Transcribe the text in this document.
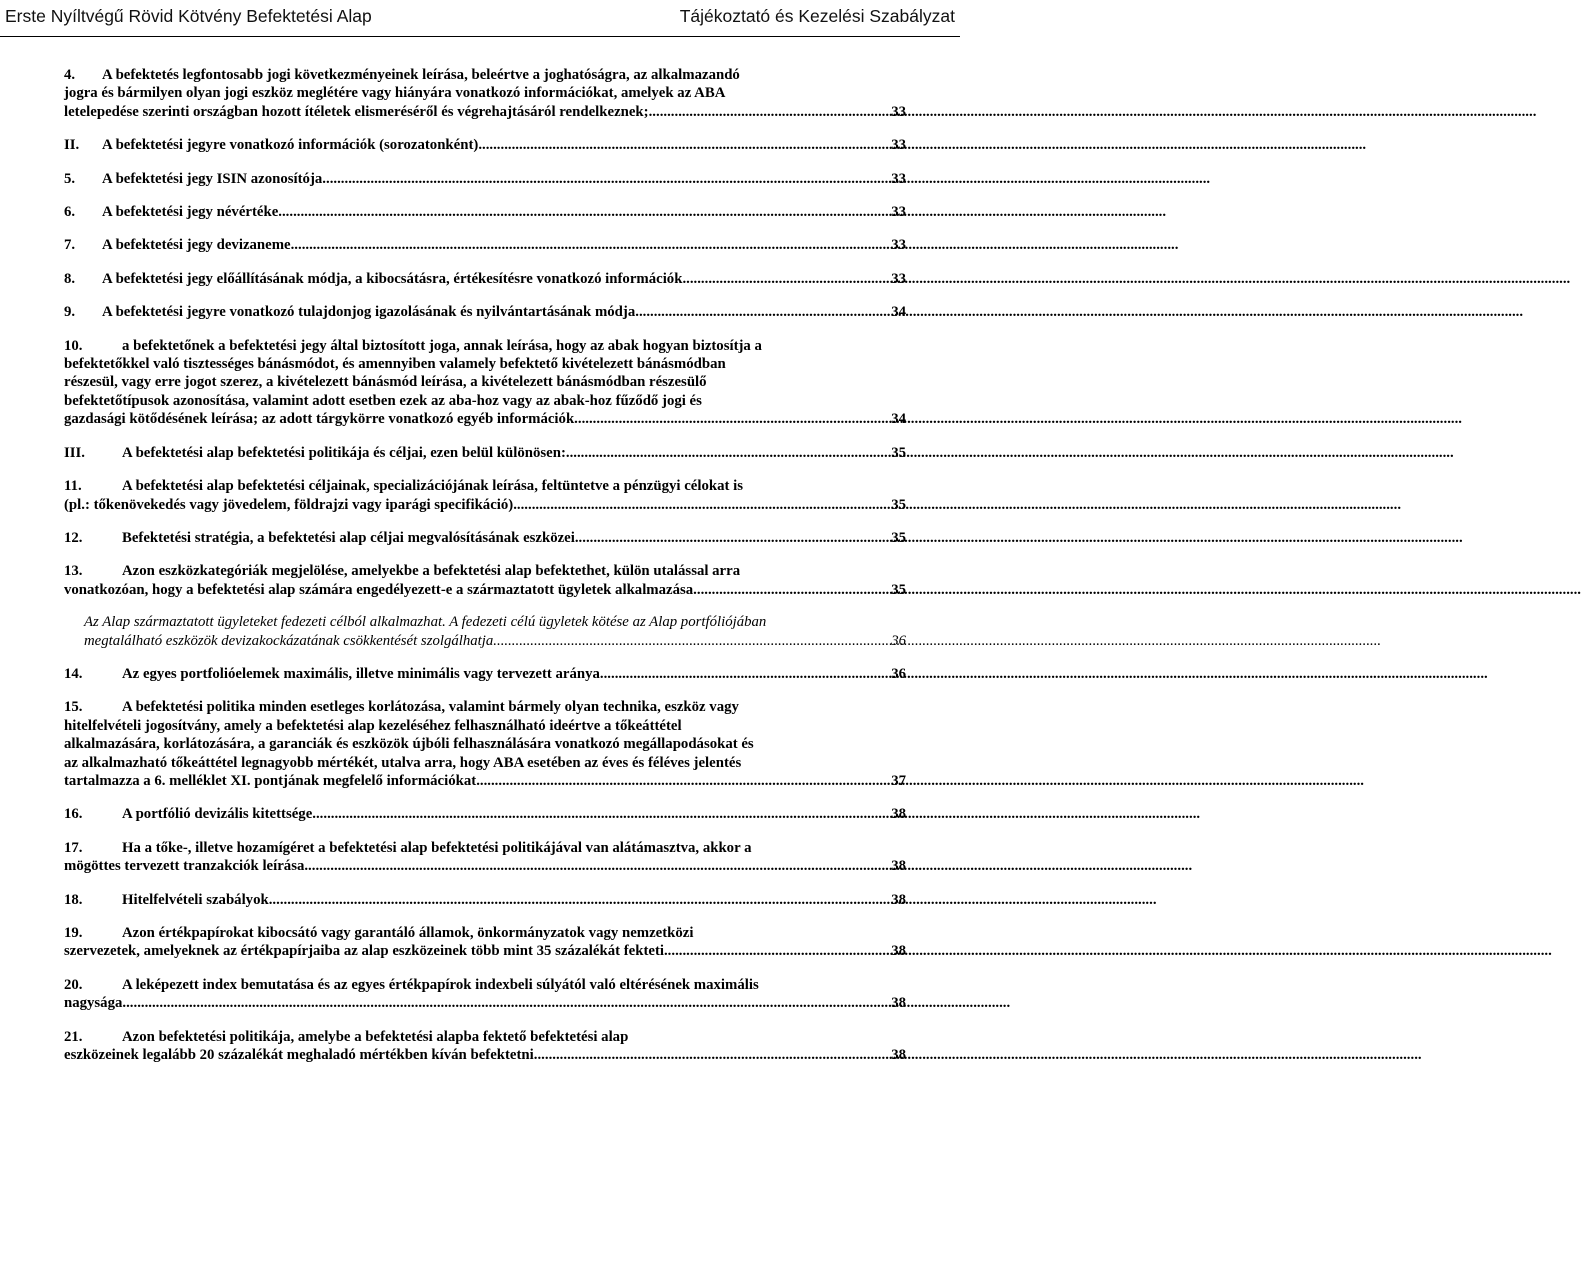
Erste Nyíltvégű Rövid Kötvény Befektetési Alap	Tájékoztató és Kezelési Szabályzat
4.	A befektetés legfontosabb jogi következményeinek leírása, beleértve a joghatóságra, az alkalmazandó
jogra és bármilyen olyan jogi eszköz meglétére vagy hiányára vonatkozó információkat, amelyek az ABA
letelepedése szerinti országban hozott ítéletek elismeréséről és végrehajtásáról rendelkeznek; .....	33
II.	A befektetési jegyre vonatkozó információk (sorozatonként) .....	33
5.	A befektetési jegy ISIN azonosítója .....	33
6.	A befektetési jegy névértéke .....	33
7.	A befektetési jegy devizaneme .....	33
8.	A befektetési jegy előállításának módja, a kibocsátásra, értékesítésre vonatkozó információk .....	33
9.	A befektetési jegyre vonatkozó tulajdonjog igazolásának és nyilvántartásának módja .....	34
10.	a befektetőnek a befektetési jegy által biztosított joga, annak leírása, hogy az abak hogyan biztosítja a
befektetőkkel való tisztességes bánásmódot, és amennyiben valamely befektető kivételezett bánásmódban
részesül, vagy erre jogot szerez, a kivételezett bánásmód leírása, a kivételezett bánásmódban részesülő
befektetőtípusok azonosítása, valamint adott esetben ezek az aba-hoz vagy az abak-hoz fűződő jogi és
gazdasági kötődésének leírása; az adott tárgykörre vonatkozó egyéb információk .....	34
III.	A befektetési alap befektetési politikája és céljai, ezen belül különösen: .....	35
11.	A befektetési alap befektetési céljainak, specializációjának leírása, feltüntetve a pénzügyi célokat is
(pl.: tőkenövekedés vagy jövedelem, földrajzi vagy iparági specifikáció) .....	35
12.	Befektetési stratégia, a befektetési alap céljai megvalósításának eszközei .....	35
13.	Azon eszközkategóriák megjelölése, amelyekbe a befektetési alap befektethet, külön utalással arra
vonatkozóan, hogy a befektetési alap számára engedélyezett-e a származtatott ügyletek alkalmazása .....	35
Az Alap származtatott ügyleteket fedezeti célból alkalmazhat. A fedezeti célú ügyletek kötése az Alap portfóliójában
megtalálható eszközök devizakockázatának csökkentését szolgálhatja .....	36
14.	Az egyes portfolióelemek maximális, illetve minimális vagy tervezett aránya .....	36
15.	A befektetési politika minden esetleges korlátozása, valamint bármely olyan technika, eszköz vagy
hitelfelvételi jogosítvány, amely a befektetési alap kezeléséhez felhasználható ideértve a tőkeáttétel
alkalmazására, korlátozására, a garanciák és eszközök újbóli felhasználására vonatkozó megállapodásokat és
az alkalmazható tőkeáttétel legnagyobb mértékét, utalva arra, hogy ABA esetében az éves és féléves jelentés
tartalmazza a 6. melléklet XI. pontjának megfelelő információkat .....	37
16.	A portfólió devizális kitettsége .....	38
17.	Ha a tőke-, illetve hozamígéret a befektetési alap befektetési politikájával van alátámasztva, akkor a
mögöttes tervezett tranzakciók leírása .....	38
18.	Hitelfelvételi szabályok .....	38
19.	Azon értékpapírokat kibocsátó vagy garantáló államok, önkormányzatok vagy nemzetközi
szervezetek, amelyeknek az értékpapírjaiba az alap eszközeinek több mint 35 százalékát fekteti .....	38
20.	A leképezett index bemutatása és az egyes értékpapírok indexbeli súlyától való eltérésének maximális
nagysága .....	38
21.	Azon befektetési politikája, amelybe a befektetési alapba fektető befektetési alap
eszközeinek legalább 20 százalékát meghaladó mértékben kíván befektetni .....	38
